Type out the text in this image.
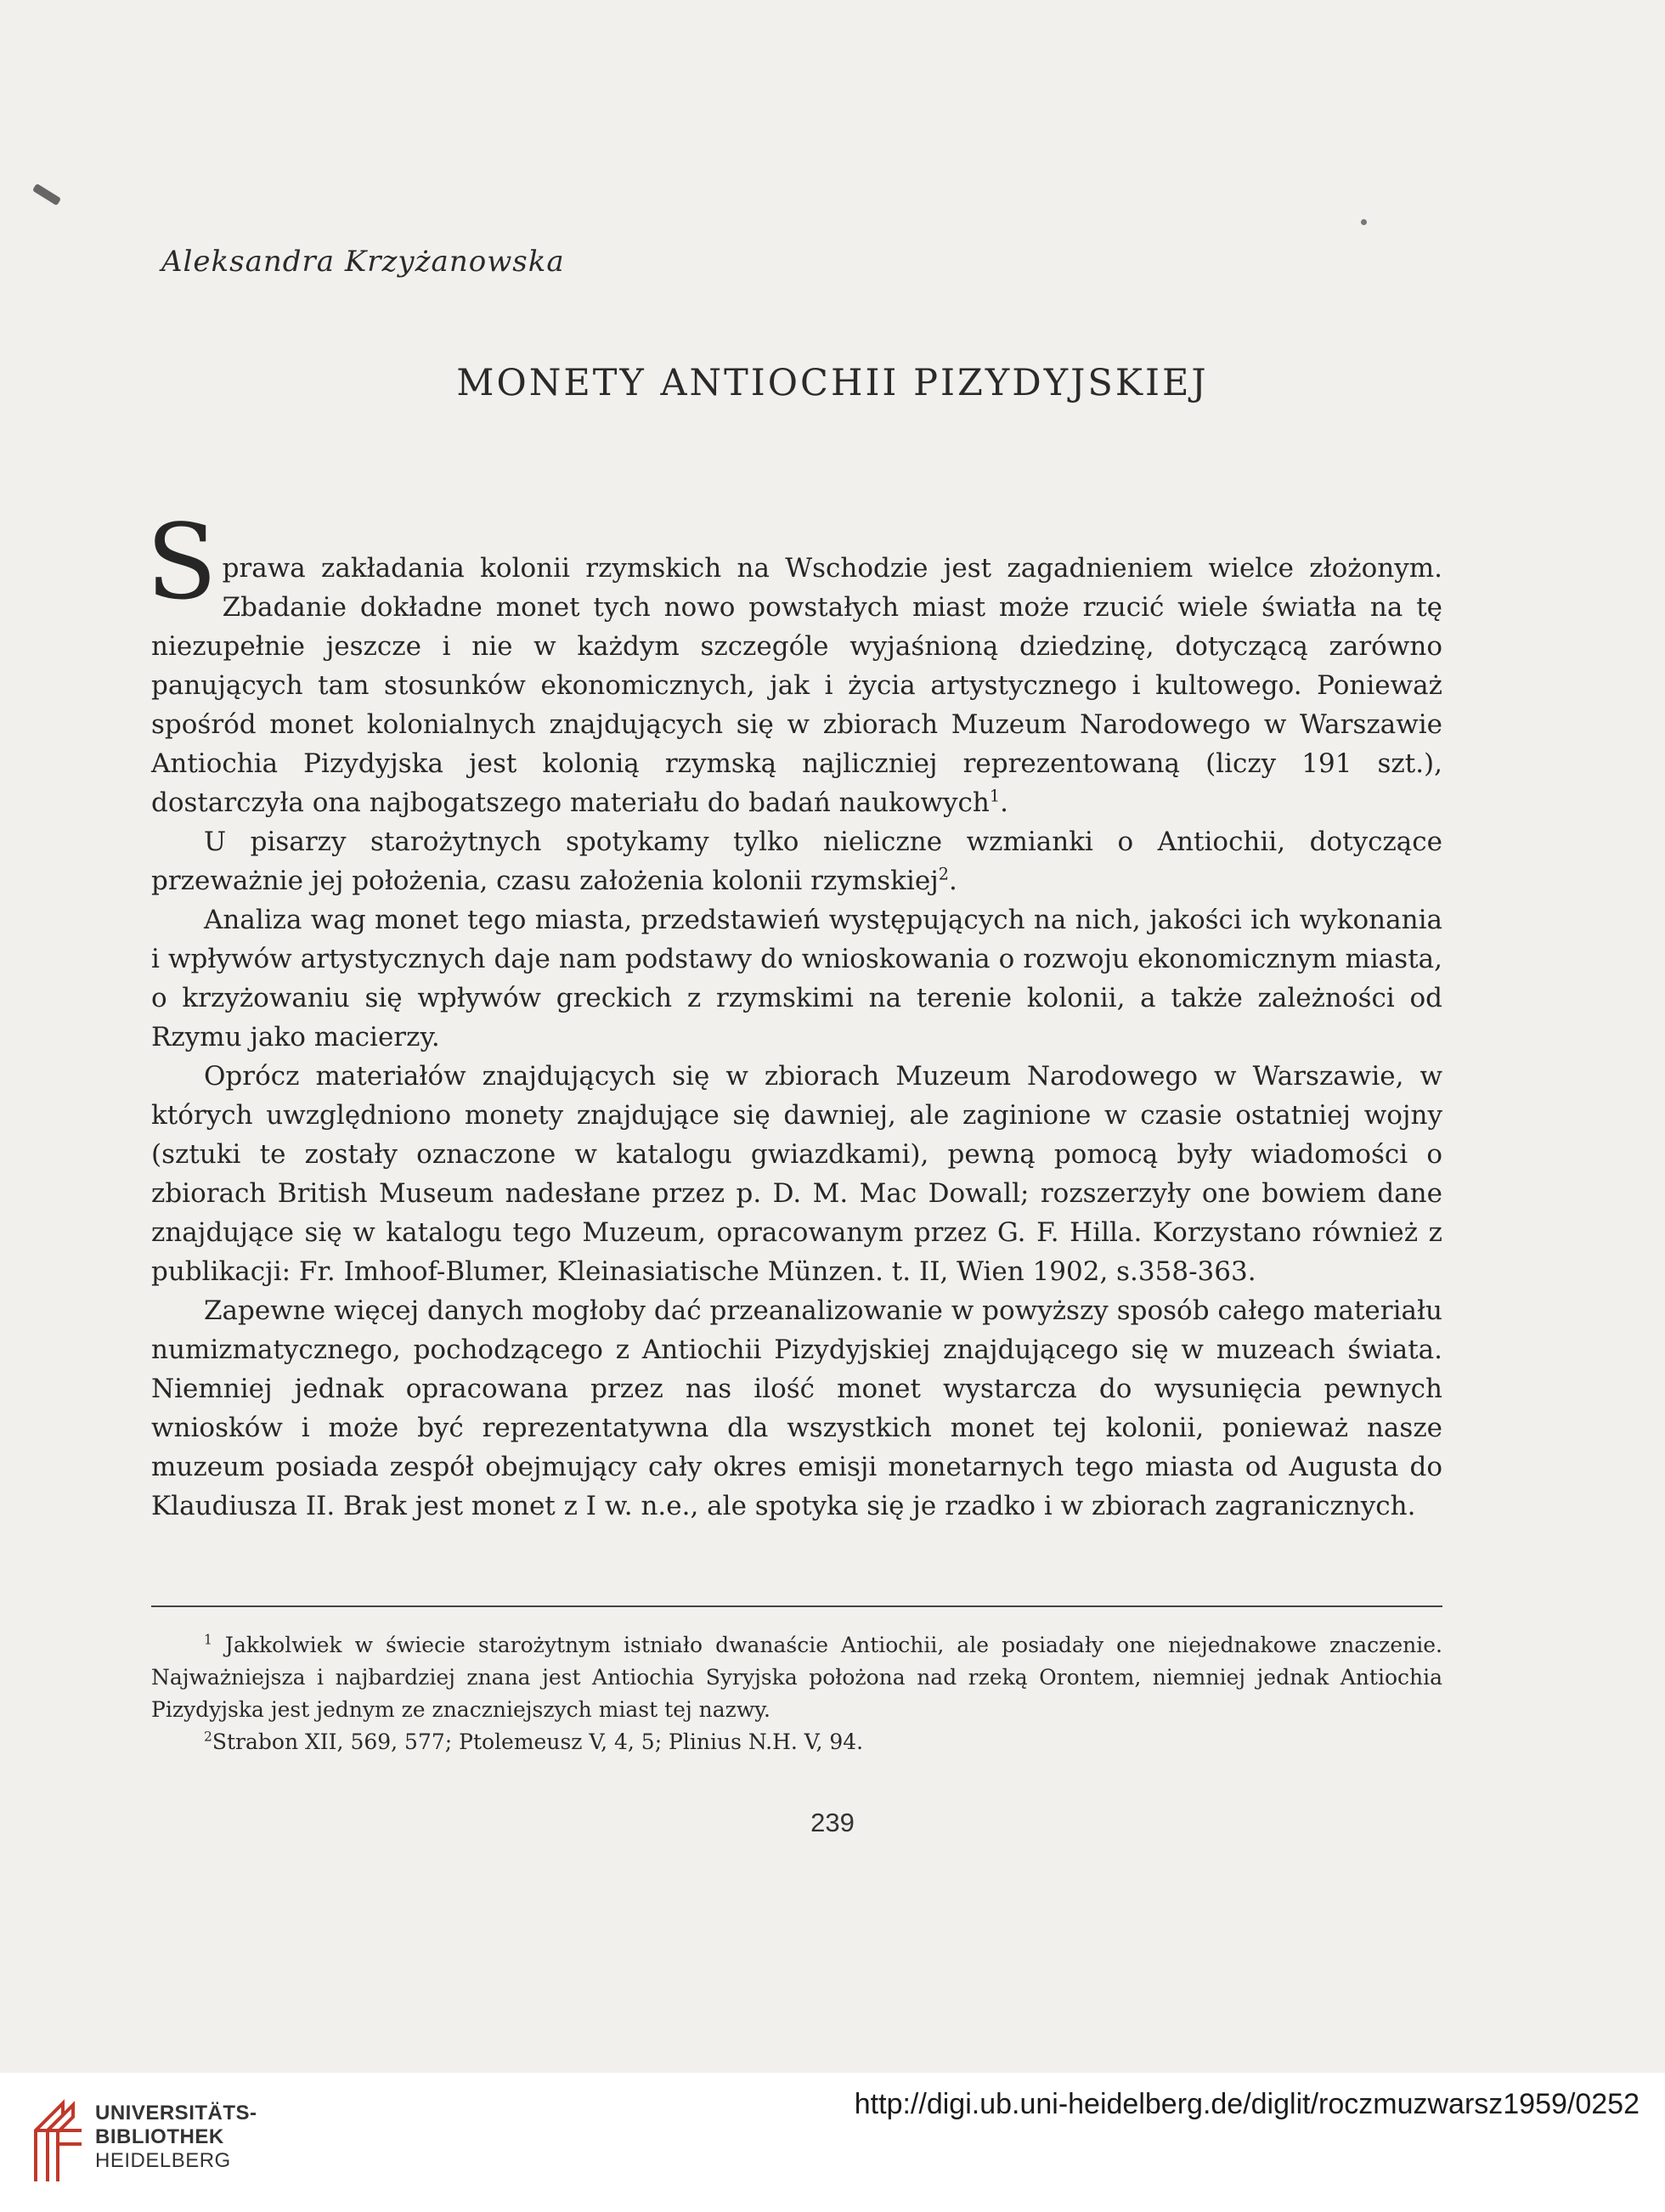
Aleksandra Krzyżanowska
MONETY ANTIOCHII PIZYDYJSKIEJ

Sprawa zakładania kolonii rzymskich na Wschodzie jest zagadnieniem wielce złożonym. Zbadanie dokładne monet tych nowo powstałych miast może rzucić wiele światła na tę niezupełnie jeszcze i nie w każdym szczególe wyjaśnioną dziedzinę, dotyczącą zarówno panujących tam stosunków ekonomicznych, jak i życia artystycznego i kultowego. Ponieważ spośród monet kolonialnych znajdujących się w zbiorach Muzeum Narodowego w Warszawie Antiochia Pizydyjska jest kolonią rzymską najliczniej reprezentowaną (liczy 191 szt.), dostarczyła ona najbogatszego materiału do badań naukowych$^1$.

U pisarzy starożytnych spotykamy tylko nieliczne wzmianki o Antiochii, dotyczące przeważnie jej położenia, czasu założenia kolonii rzymskiej$^2$.

Analiza wag monet tego miasta, przedstawień występujących na nich, jakości ich wykonania i wpływów artystycznych daje nam podstawy do wnioskowania o rozwoju ekonomicznym miasta, o krzyżowaniu się wpływów greckich z rzymskimi na terenie kolonii, a także zależności od Rzymu jako macierzy.

Oprócz materiałów znajdujących się w zbiorach Muzeum Narodowego w Warszawie, w których uwzględniono monety znajdujące się dawniej, ale zaginione w czasie ostatniej wojny (sztuki te zostały oznaczone w katalogu gwiazdkami), pewną pomocą były wiadomości o zbiorach British Museum nadesłane przez p. D. M. Mac Dowall; rozszerzyły one bowiem dane znajdujące się w katalogu tego Muzeum, opracowanym przez G. F. Hilla. Korzystano również z publikacji: Fr. Imhoof-Blumer, Kleinasiatische Münzen. t. II, Wien 1902, s.358-363.

Zapewne więcej danych mogłoby dać przeanalizowanie w powyższy sposób całego materiału numizmatycznego, pochodzącego z Antiochii Pizydyjskiej znajdującego się w muzeach świata. Niemniej jednak opracowana przez nas ilość monet wystarcza do wysunięcia pewnych wniosków i może być reprezentatywna dla wszystkich monet tej kolonii, ponieważ nasze muzeum posiada zespół obejmujący cały okres emisji monetarnych tego miasta od Augusta do Klaudiusza II. Brak jest monet z I w. n.e., ale spotyka się je rzadko i w zbiorach zagranicznych.

$^1$ Jakkolwiek w świecie starożytnym istniało dwanaście Antiochii, ale posiadały one niejednakowe znaczenie. Najważniejsza i najbardziej znana jest Antiochia Syryjska położona nad rzeką Orontem, niemniej jednak Antiochia Pizydyjska jest jednym ze znaczniejszych miast tej nazwy.

$^2$Strabon XII, 569, 577; Ptolemeusz V, 4, 5; Plinius N.H. V, 94.

239
UNIVERSITÄTS-
BIBLIOTHEK
HEIDELBERG
http://digi.ub.uni-heidelberg.de/diglit/roczmuzwarsz1959/0252
